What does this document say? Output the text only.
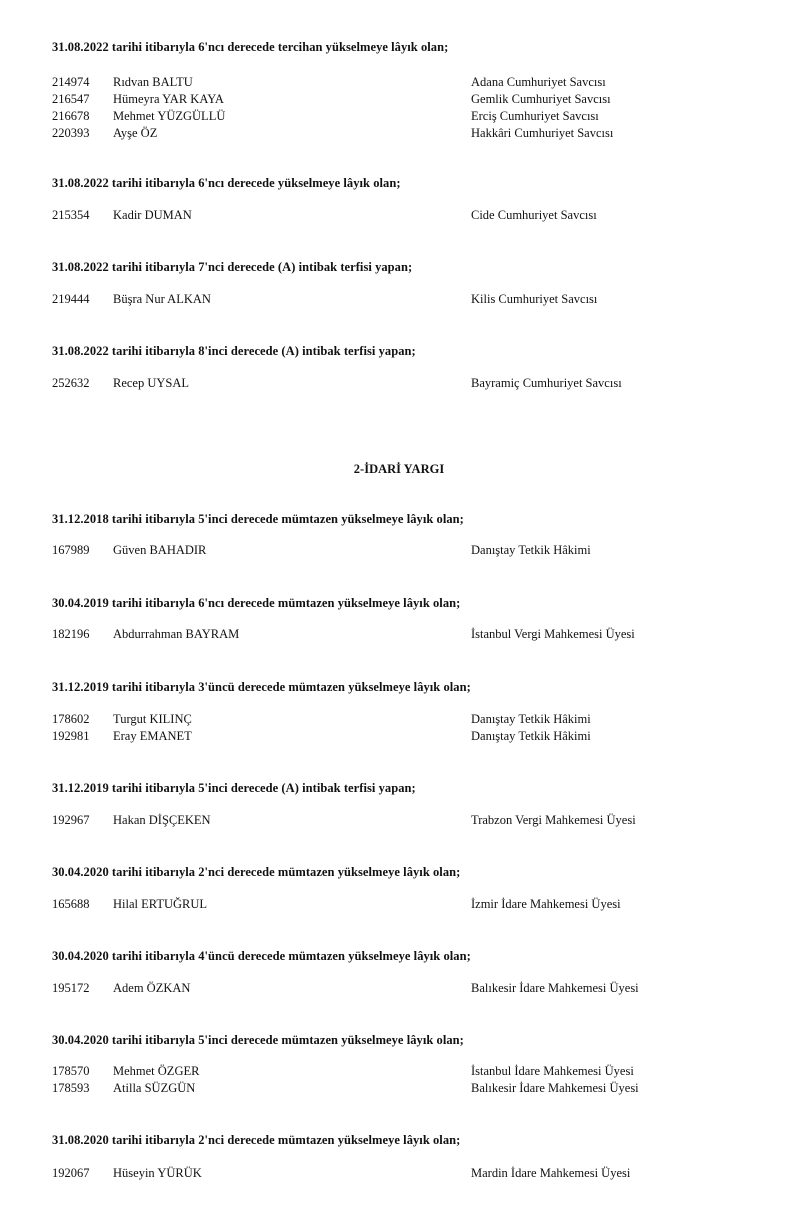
31.08.2022 tarihi itibarıyla 6'ncı derecede tercihan yükselmeye lâyık olan;
214974 Rıdvan BALTU	Adana Cumhuriyet Savcısı
216547 Hümeyra YAR KAYA	Gemlik Cumhuriyet Savcısı
216678 Mehmet YÜZGÜLLÜ	Erciş Cumhuriyet Savcısı
220393 Ayşe ÖZ	Hakkâri Cumhuriyet Savcısı
31.08.2022 tarihi itibarıyla 6'ncı derecede yükselmeye lâyık olan;
215354 Kadir DUMAN	Cide Cumhuriyet Savcısı
31.08.2022 tarihi itibarıyla 7'nci derecede (A) intibak terfisi yapan;
219444 Büşra Nur ALKAN	Kilis Cumhuriyet Savcısı
31.08.2022 tarihi itibarıyla 8'inci derecede (A) intibak terfisi yapan;
252632 Recep UYSAL	Bayramiç Cumhuriyet Savcısı
2-İDARİ YARGI
31.12.2018 tarihi itibarıyla 5'inci derecede mümtazen yükselmeye lâyık olan;
167989 Güven BAHADIR	Danıştay Tetkik Hâkimi
30.04.2019 tarihi itibarıyla 6'ncı derecede mümtazen yükselmeye lâyık olan;
182196 Abdurrahman BAYRAM	İstanbul Vergi Mahkemesi Üyesi
31.12.2019 tarihi itibarıyla 3'üncü derecede mümtazen yükselmeye lâyık olan;
178602 Turgut KILINÇ	Danıştay Tetkik Hâkimi
192981 Eray EMANET	Danıştay Tetkik Hâkimi
31.12.2019 tarihi itibarıyla 5'inci derecede (A) intibak terfisi yapan;
192967 Hakan DİŞÇEKEN	Trabzon Vergi Mahkemesi Üyesi
30.04.2020 tarihi itibarıyla 2'nci derecede mümtazen yükselmeye lâyık olan;
165688 Hilal ERTUĞRUL	İzmir İdare Mahkemesi Üyesi
30.04.2020 tarihi itibarıyla 4'üncü derecede mümtazen yükselmeye lâyık olan;
195172 Adem ÖZKAN	Balıkesir İdare Mahkemesi Üyesi
30.04.2020 tarihi itibarıyla 5'inci derecede mümtazen yükselmeye lâyık olan;
178570 Mehmet ÖZGER	İstanbul İdare Mahkemesi Üyesi
178593 Atilla SÜZGÜN	Balıkesir İdare Mahkemesi Üyesi
31.08.2020 tarihi itibarıyla 2'nci derecede mümtazen yükselmeye lâyık olan;
192067 Hüseyin YÜRÜK	Mardin İdare Mahkemesi Üyesi
